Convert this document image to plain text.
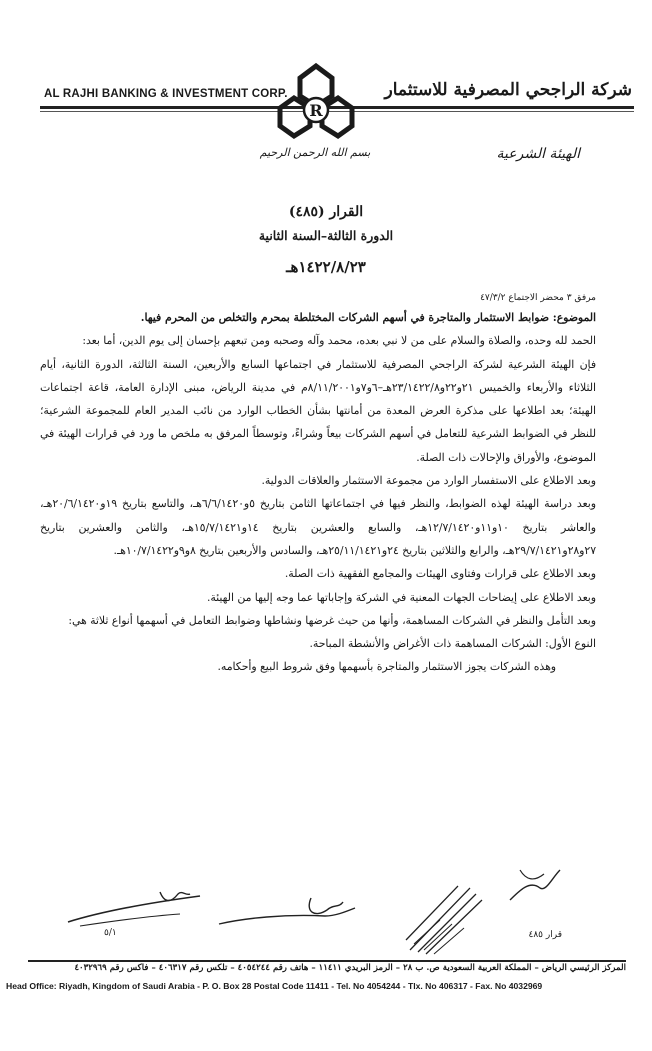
AL RAJHI BANKING & INVESTMENT CORP.	شركة الراجحي المصرفية للاستثمار
R
بسم الله الرحمن الرحيم	الهيئة الشرعية
القرار (٤٨٥)
الدورة الثالثة–السنة الثانية
١٤٢٢/٨/٢٣هـ
مرفق ٣ محضر الاجتماع ٤٧/٣/٢

الموضوع: ضوابط الاستثمار والمتاجرة في أسهم الشركات المختلطة بمحرم والتخلص من المحرم فيها.

الحمد لله وحده، والصلاة والسلام على من لا نبي بعده، محمد وآله وصحبه ومن تبعهم بإحسان إلى يوم الدين، أما بعد:

فإن الهيئة الشرعية لشركة الراجحي المصرفية للاستثمار في اجتماعها السابع والأربعين، السنة الثالثة، الدورة الثانية، أيام الثلاثاء والأربعاء والخميس ٢١و٢٢و٢٣/١٤٢٢/٨هـ–٦و٧و٨/١١/٢٠٠١م في مدينة الرياض، مبنى الإدارة العامة، قاعة اجتماعات الهيئة؛ بعد اطلاعها على مذكرة العرض المعدة من أمانتها بشأن الخطاب الوارد من نائب المدير العام للمجموعة الشرعية؛ للنظر في الضوابط الشرعية للتعامل في أسهم الشركات بيعاً وشراءً، وتوسطاً المرفق به ملخص ما ورد في قرارات الهيئة في الموضوع، والأوراق والإحالات ذات الصلة.

وبعد الاطلاع على الاستفسار الوارد من مجموعة الاستثمار والعلاقات الدولية.

وبعد دراسة الهيئة لهذه الضوابط، والنظر فيها في اجتماعاتها الثامن بتاريخ ٥و٦/٦/١٤٢٠هـ، والتاسع بتاريخ ١٩و٢٠/٦/١٤٢٠هـ، والعاشر بتاريخ ١٠و١١و١٢/٧/١٤٢٠هـ، والسابع والعشرين بتاريخ ١٤و١٥/٧/١٤٢١هـ، والثامن والعشرين بتاريخ ٢٧و٢٨و٢٩/٧/١٤٢١هـ، والرابع والثلاثين بتاريخ ٢٤و٢٥/١١/١٤٢١هـ، والسادس والأربعين بتاريخ ٨و٩و١٠/٧/١٤٢٢هـ.

وبعد الاطلاع على قرارات وفتاوى الهيئات والمجامع الفقهية ذات الصلة.

وبعد الاطلاع على إيضاحات الجهات المعنية في الشركة وإجاباتها عما وجه إليها من الهيئة.

وبعد التأمل والنظر في الشركات المساهمة، وأنها من حيث غرضها ونشاطها وضوابط التعامل في أسهمها أنواع ثلاثة هي:

النوع الأول: الشركات المساهمة ذات الأغراض والأنشطة المباحة.

وهذه الشركات يجوز الاستثمار والمتاجرة بأسهمها وفق شروط البيع وأحكامه.

٥/١	قرار ٤٨٥
المركز الرئيسي الرياض – المملكة العربية السعودية ص. ب ٢٨ – الرمز البريدي ١١٤١١ – هاتف رقم ٤٠٥٤٢٤٤ – تلكس رقم ٤٠٦٣١٧ – فاكس رقم ٤٠٣٢٩٦٩
Head Office: Riyadh, Kingdom of Saudi Arabia - P. O. Box 28 Postal Code 11411 - Tel. No 4054244 - Tlx. No 406317 - Fax. No 4032969
